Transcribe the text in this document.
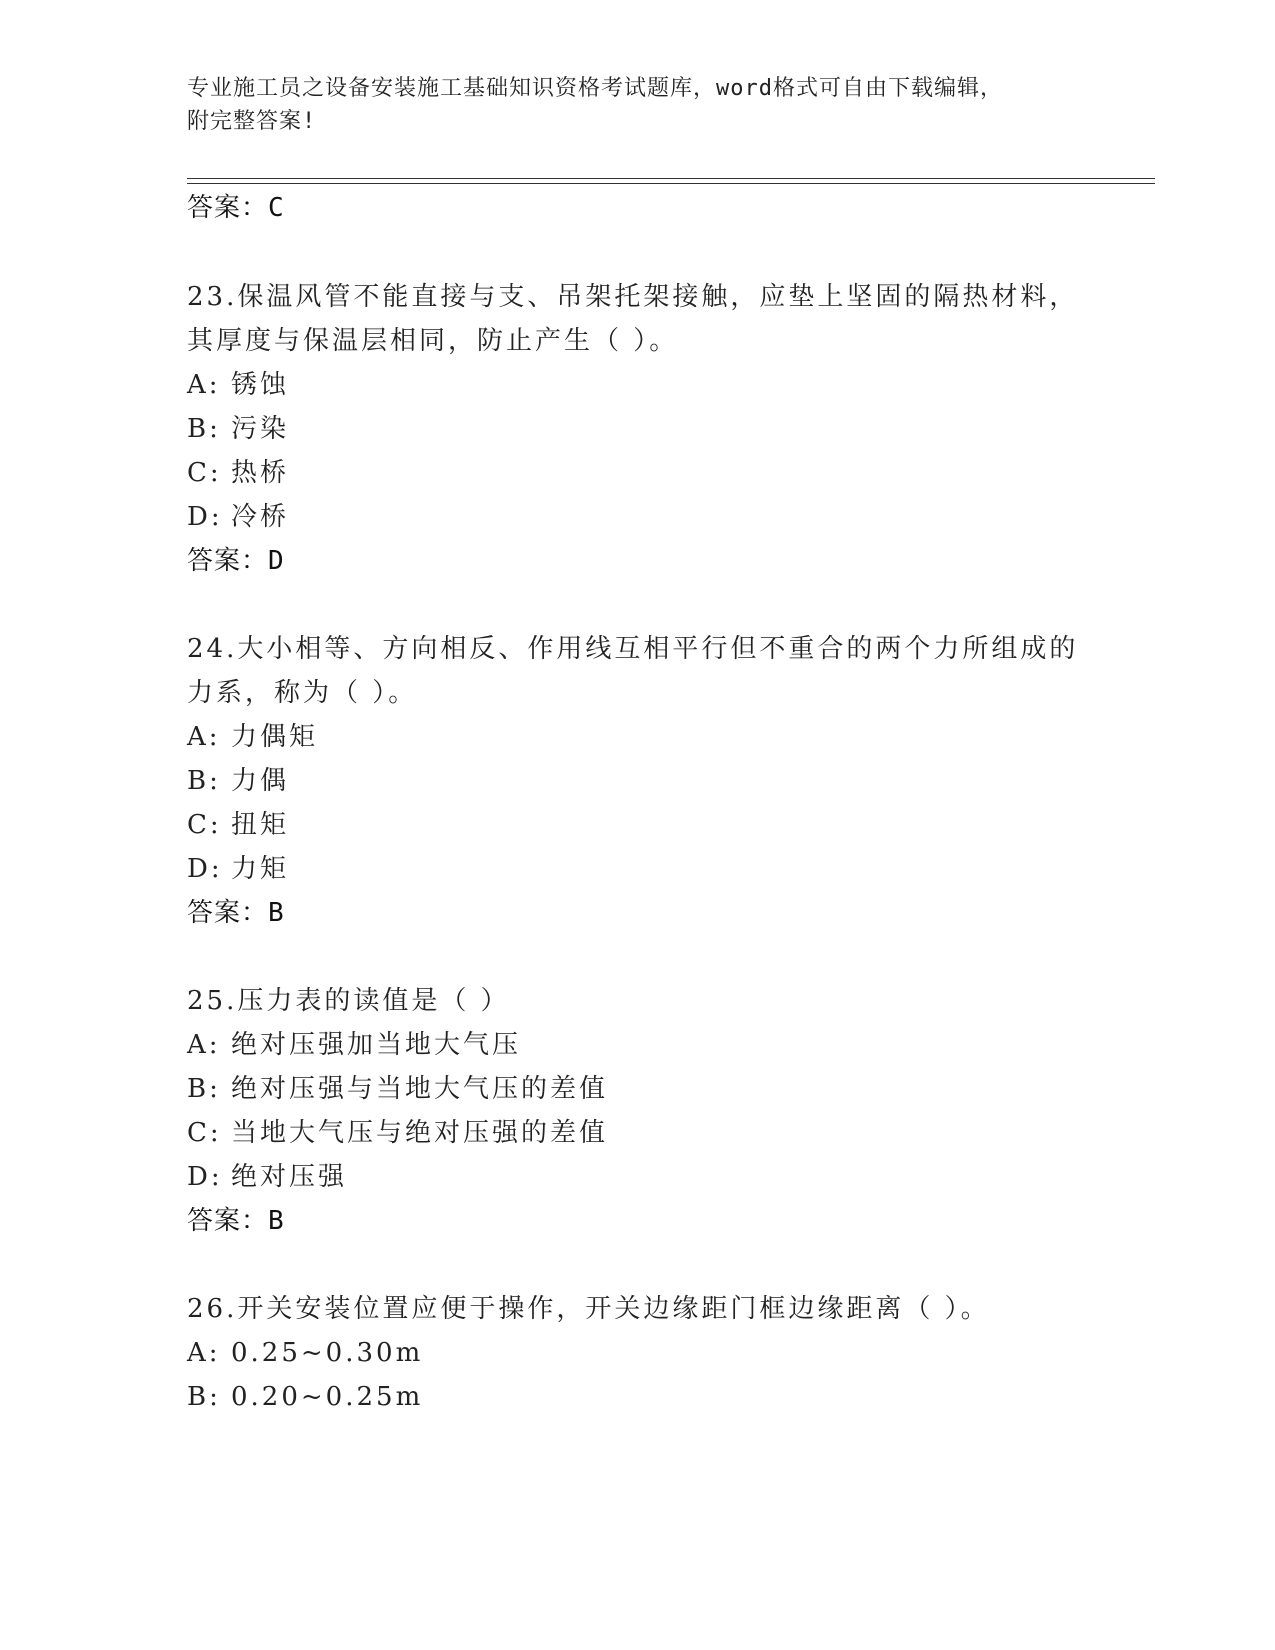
专业施工员之设备安装施工基础知识资格考试题库，word格式可自由下载编辑，
附完整答案!
答案：C
23.保温风管不能直接与支、吊架托架接触，应垫上坚固的隔热材料，
其厚度与保温层相同，防止产生（ ）。
A: 锈蚀
B: 污染
C: 热桥
D: 冷桥
答案：D
24.大小相等、方向相反、作用线互相平行但不重合的两个力所组成的
力系，称为（ ）。
A: 力偶矩
B: 力偶
C: 扭矩
D: 力矩
答案：B
25.压力表的读值是（ ）
A: 绝对压强加当地大气压
B: 绝对压强与当地大气压的差值
C: 当地大气压与绝对压强的差值
D: 绝对压强
答案：B
26.开关安装位置应便于操作，开关边缘距门框边缘距离（ ）。
A: 0.25~0.30m
B: 0.20~0.25m
